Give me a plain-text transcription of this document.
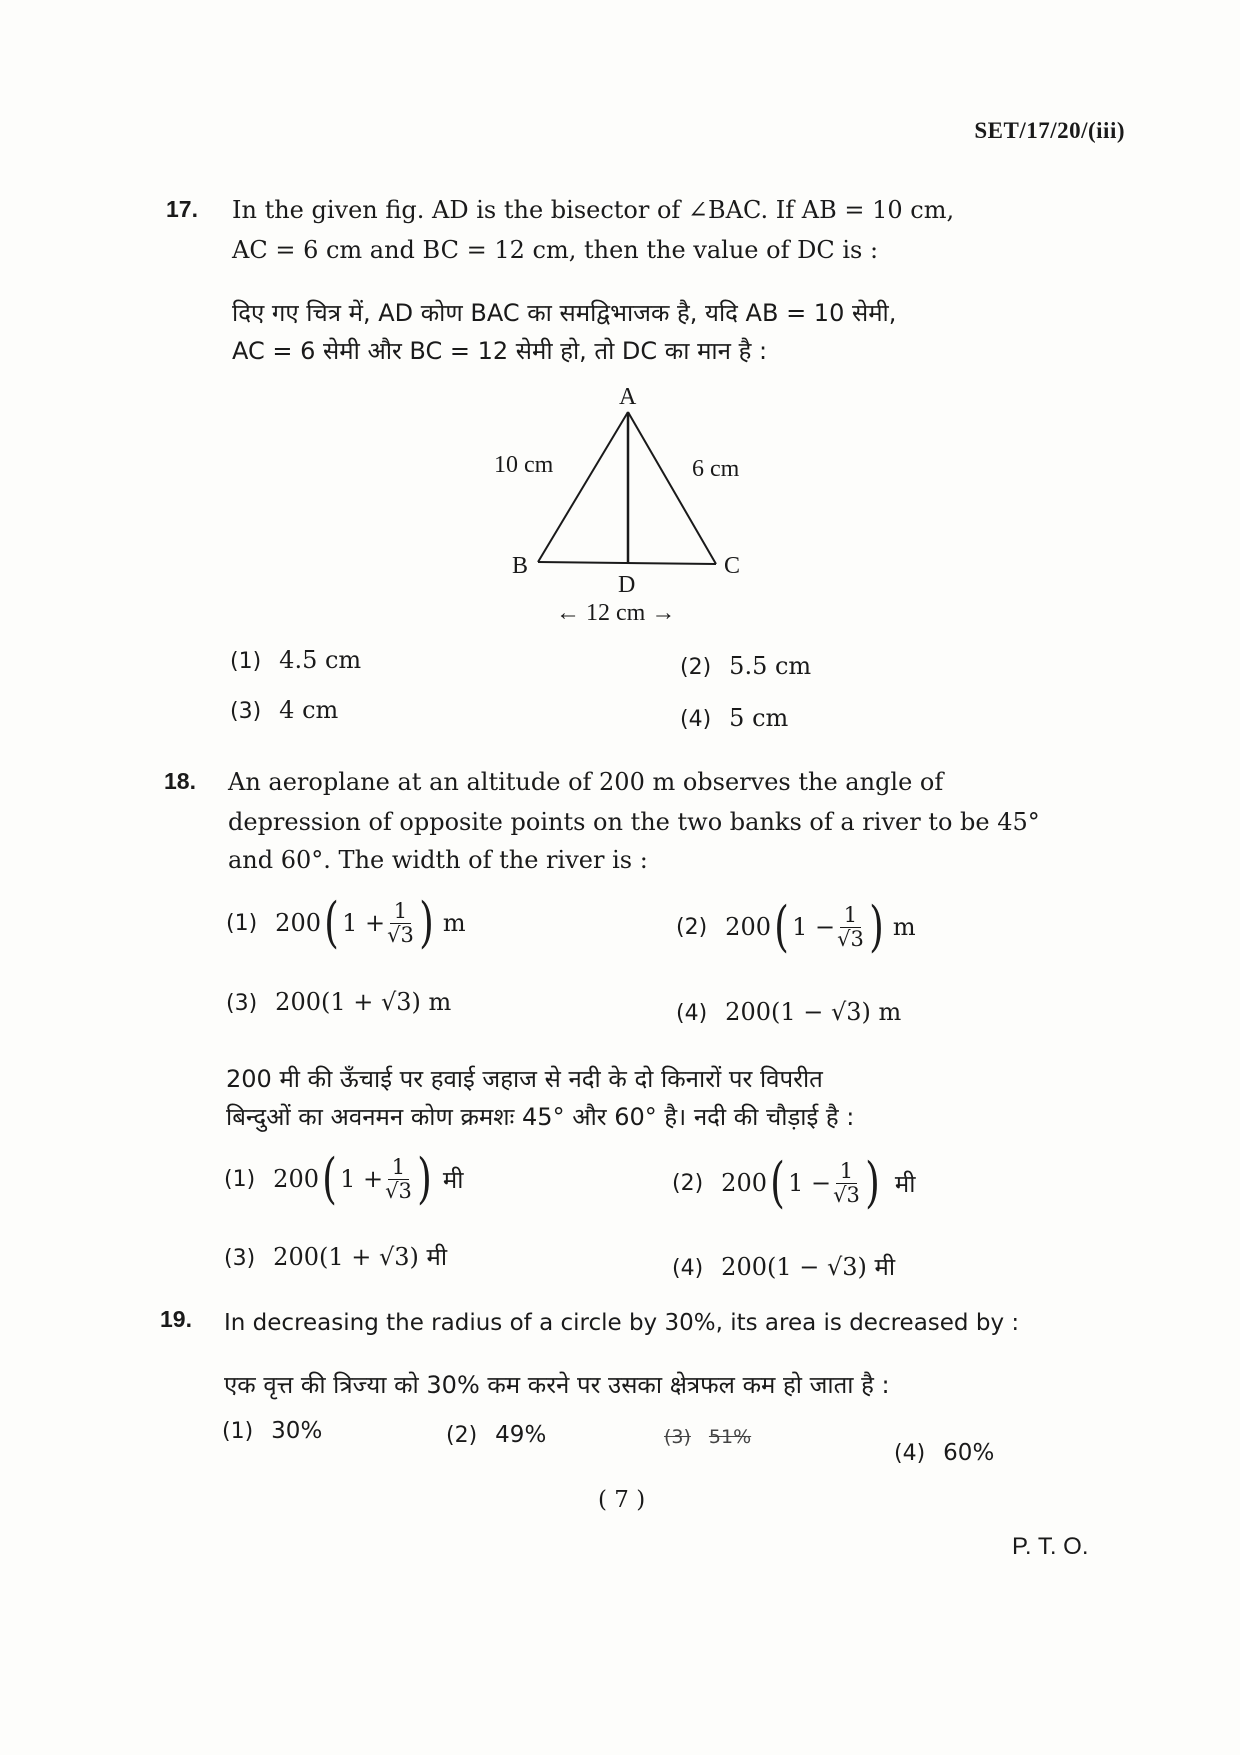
SET/17/20/(iii)
17. In the given fig. AD is the bisector of ∠BAC. If AB = 10 cm,
AC = 6 cm and BC = 12 cm, then the value of DC is :
दिए गए चित्र में, AD कोण BAC का समद्विभाजक है, यदि AB = 10 सेमी,
AC = 6 सेमी और BC = 12 सेमी हो, तो DC का मान है :
A
B	C
D
10 cm	6 cm
← 12 cm →
(1) 4.5 cm	(2) 5.5 cm
(3) 4 cm	(4) 5 cm
18. An aeroplane at an altitude of 200 m observes the angle of
depression of opposite points on the two banks of a river to be 45°
and 60°. The width of the river is :
(1) 200 ( $1 + \frac{1}{√3}$ ) m	(2) 200 ( $1 - \frac{1}{√3}$ ) m
(3) 200(1 + √3) m	(4) 200(1 − √3) m
200 मी की ऊँचाई पर हवाई जहाज से नदी के दो किनारों पर विपरीत
बिन्दुओं का अवनमन कोण क्रमशः 45° और 60° है। नदी की चौड़ाई है :
(1) 200 ( $1 + \frac{1}{√3}$ ) मी	(2) 200 ( $1 - \frac{1}{√3}$ ) मी
(3) 200(1 + √3) मी	(4) 200(1 − √3) मी
19. In decreasing the radius of a circle by 30%, its area is decreased by :
एक वृत्त की त्रिज्या को 30% कम करने पर उसका क्षेत्रफल कम हो जाता है :
(1) 30%	(2) 49%	(3) 51%
(4) 60%
( 7 )
P. T. O.
